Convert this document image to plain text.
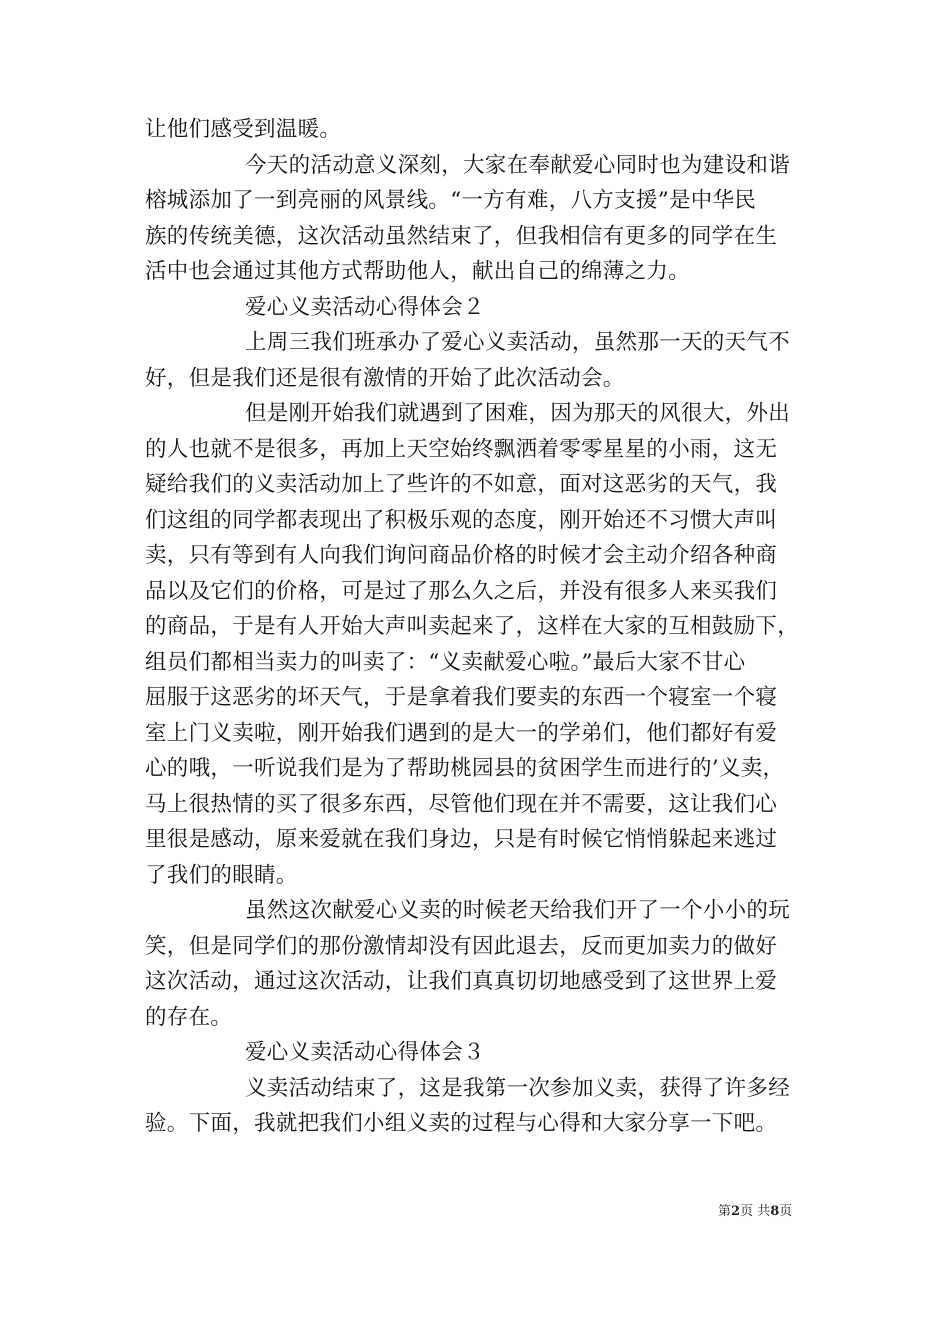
让他们感受到温暖。
今天的活动意义深刻，大家在奉献爱心同时也为建设和谐
榕城添加了一到亮丽的风景线。“一方有难，八方支援”是中华民
族的传统美德，这次活动虽然结束了，但我相信有更多的同学在生
活中也会通过其他方式帮助他人，献出自己的绵薄之力。
爱心义卖活动心得体会２
上周三我们班承办了爱心义卖活动，虽然那一天的天气不
好，但是我们还是很有激情的开始了此次活动会。
但是刚开始我们就遇到了困难，因为那天的风很大，外出
的人也就不是很多，再加上天空始终飘洒着零零星星的小雨，这无
疑给我们的义卖活动加上了些许的不如意，面对这恶劣的天气，我
们这组的同学都表现出了积极乐观的态度，刚开始还不习惯大声叫
卖，只有等到有人向我们询问商品价格的时候才会主动介绍各种商
品以及它们的价格，可是过了那么久之后，并没有很多人来买我们
的商品，于是有人开始大声叫卖起来了，这样在大家的互相鼓励下，
组员们都相当卖力的叫卖了：“义卖献爱心啦。”最后大家不甘心
屈服于这恶劣的坏天气，于是拿着我们要卖的东西一个寝室一个寝
室上门义卖啦，刚开始我们遇到的是大一的学弟们，他们都好有爱
心的哦，一听说我们是为了帮助桃园县的贫困学生而进行的’义卖，
马上很热情的买了很多东西，尽管他们现在并不需要，这让我们心
里很是感动，原来爱就在我们身边，只是有时候它悄悄躲起来逃过
了我们的眼睛。
虽然这次献爱心义卖的时候老天给我们开了一个小小的玩
笑，但是同学们的那份激情却没有因此退去，反而更加卖力的做好
这次活动，通过这次活动，让我们真真切切地感受到了这世界上爱
的存在。
爱心义卖活动心得体会３
义卖活动结束了，这是我第一次参加义卖，获得了许多经
验。下面，我就把我们小组义卖的过程与心得和大家分享一下吧。
第2页 共8页
